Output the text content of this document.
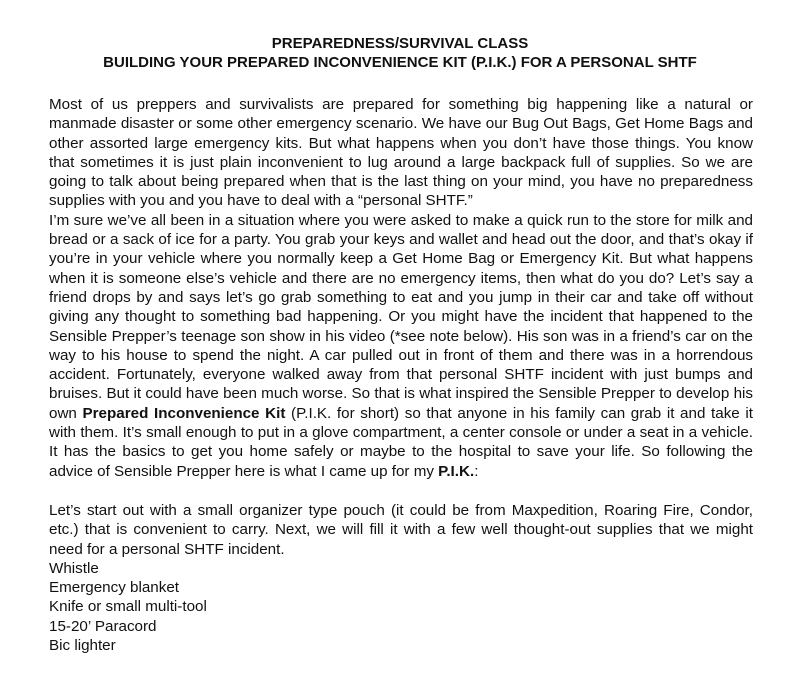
PREPAREDNESS/SURVIVAL CLASS
BUILDING YOUR PREPARED INCONVENIENCE KIT (P.I.K.) FOR A PERSONAL SHTF

Most of us preppers and survivalists are prepared for something big happening like a natural or manmade disaster or some other emergency scenario. We have our Bug Out Bags, Get Home Bags and other assorted large emergency kits. But what happens when you don’t have those things. You know that sometimes it is just plain inconvenient to lug around a large backpack full of supplies. So we are going to talk about being prepared when that is the last thing on your mind, you have no preparedness supplies with you and you have to deal with a “personal SHTF.”

I’m sure we’ve all been in a situation where you were asked to make a quick run to the store for milk and bread or a sack of ice for a party. You grab your keys and wallet and head out the door, and that’s okay if you’re in your vehicle where you normally keep a Get Home Bag or Emergency Kit. But what happens when it is someone else’s vehicle and there are no emergency items, then what do you do? Let’s say a friend drops by and says let’s go grab something to eat and you jump in their car and take off without giving any thought to something bad happening. Or you might have the incident that happened to the Sensible Prepper’s teenage son show in his video (*see note below). His son was in a friend’s car on the way to his house to spend the night. A car pulled out in front of them and there was in a horrendous accident. Fortunately, everyone walked away from that personal SHTF incident with just bumps and bruises. But it could have been much worse. So that is what inspired the Sensible Prepper to develop his own Prepared Inconvenience Kit (P.I.K. for short) so that anyone in his family can grab it and take it with them. It’s small enough to put in a glove compartment, a center console or under a seat in a vehicle. It has the basics to get you home safely or maybe to the hospital to save your life. So following the advice of Sensible Prepper here is what I came up for my P.I.K.:

Let’s start out with a small organizer type pouch (it could be from Maxpedition, Roaring Fire, Condor, etc.) that is convenient to carry. Next, we will fill it with a few well thought-out supplies that we might need for a personal SHTF incident.

Whistle
Emergency blanket
Knife or small multi-tool
15-20’ Paracord
Bic lighter
